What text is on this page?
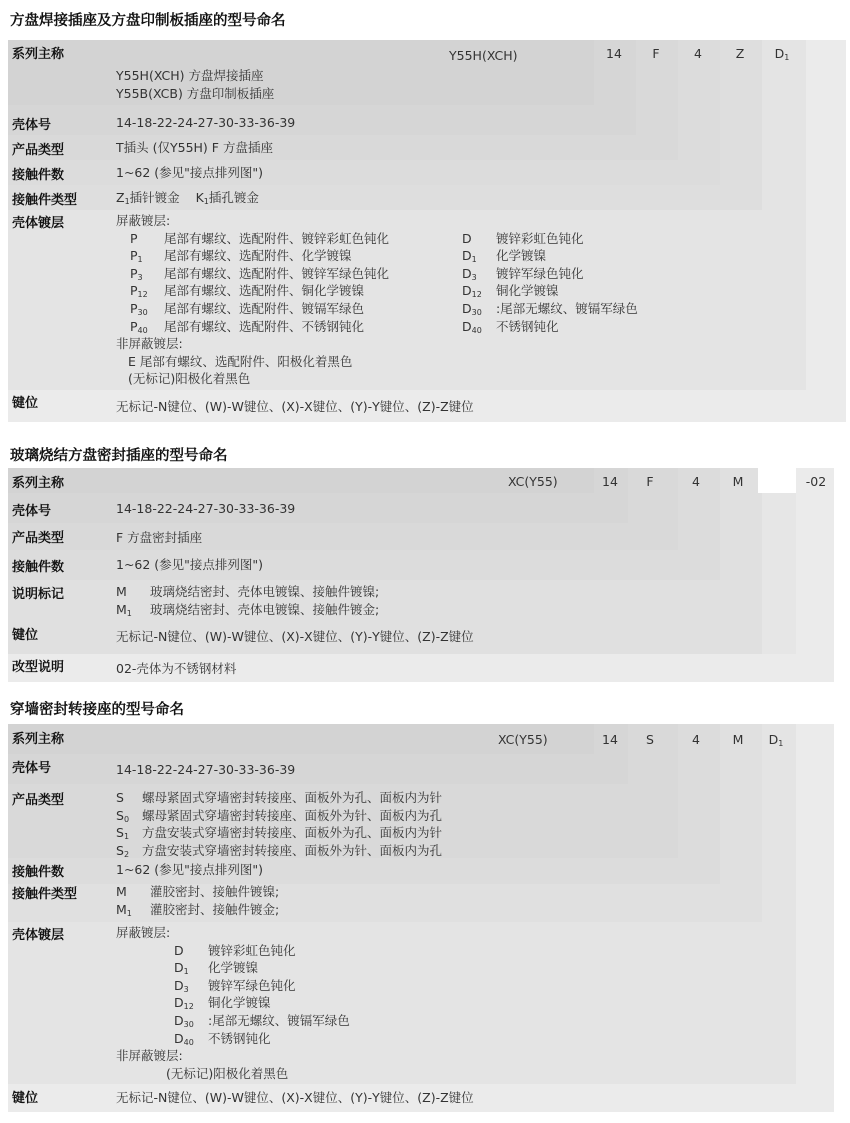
方盘焊接插座及方盘印制板插座的型号命名
Y55H(XCH)	14	F	4	Z	$D_1$
系列主称
Y55H(XCH) 方盘焊接插座
Y55B(XCB) 方盘印制板插座
壳体号	14-18-22-24-27-30-33-36-39
产品类型	T插头 (仅Y55H) F 方盘插座
接触件数	1~62 (参见"接点排列图")
接触件类型	$Z_1$插针镀金 $K_1$插孔镀金
壳体镀层	屏蔽镀层:
P 尾部有螺纹、选配附件、镀锌彩虹色钝化	D 镀锌彩虹色钝化
$P_1$ 尾部有螺纹、选配附件、化学镀镍	$D_1$ 化学镀镍
$P_3$ 尾部有螺纹、选配附件、镀锌军绿色钝化	$D_3$ 镀锌军绿色钝化
$P_{12}$ 尾部有螺纹、选配附件、铜化学镀镍	$D_{12}$ 铜化学镀镍
$P_{30}$ 尾部有螺纹、选配附件、镀镉军绿色	$D_{30}$ :尾部无螺纹、镀镉军绿色
$P_{40}$ 尾部有螺纹、选配附件、不锈钢钝化	$D_{40}$ 不锈钢钝化
非屏蔽镀层:
E 尾部有螺纹、选配附件、阳极化着黑色
(无标记)阳极化着黑色
键位	无标记-N键位、(W)-W键位、(X)-X键位、(Y)-Y键位、(Z)-Z键位
玻璃烧结方盘密封插座的型号命名
XC(Y55)	14	F	4	M	-02
系列主称
壳体号	14-18-22-24-27-30-33-36-39
产品类型	F 方盘密封插座
接触件数	1~62 (参见"接点排列图")
说明标记	M 玻璃烧结密封、壳体电镀镍、接触件镀镍;
$M_1$ 玻璃烧结密封、壳体电镀镍、接触件镀金;
键位	无标记-N键位、(W)-W键位、(X)-X键位、(Y)-Y键位、(Z)-Z键位
改型说明	02-壳体为不锈钢材料
穿墙密封转接座的型号命名
XC(Y55)	14	S	4	M	$D_1$
系列主称
壳体号	14-18-22-24-27-30-33-36-39
产品类型	S 螺母紧固式穿墙密封转接座、面板外为孔、面板内为针
$S_0$ 螺母紧固式穿墙密封转接座、面板外为针、面板内为孔
$S_1$ 方盘安装式穿墙密封转接座、面板外为孔、面板内为针
$S_2$ 方盘安装式穿墙密封转接座、面板外为针、面板内为孔
接触件数	1~62 (参见"接点排列图")
接触件类型	M 灌胶密封、接触件镀镍;
$M_1$ 灌胶密封、接触件镀金;
壳体镀层	屏蔽镀层:
D 镀锌彩虹色钝化
$D_1$ 化学镀镍
$D_3$ 镀锌军绿色钝化
$D_{12}$ 铜化学镀镍
$D_{30}$ :尾部无螺纹、镀镉军绿色
$D_{40}$ 不锈钢钝化
非屏蔽镀层:
(无标记)阳极化着黑色
键位	无标记-N键位、(W)-W键位、(X)-X键位、(Y)-Y键位、(Z)-Z键位
